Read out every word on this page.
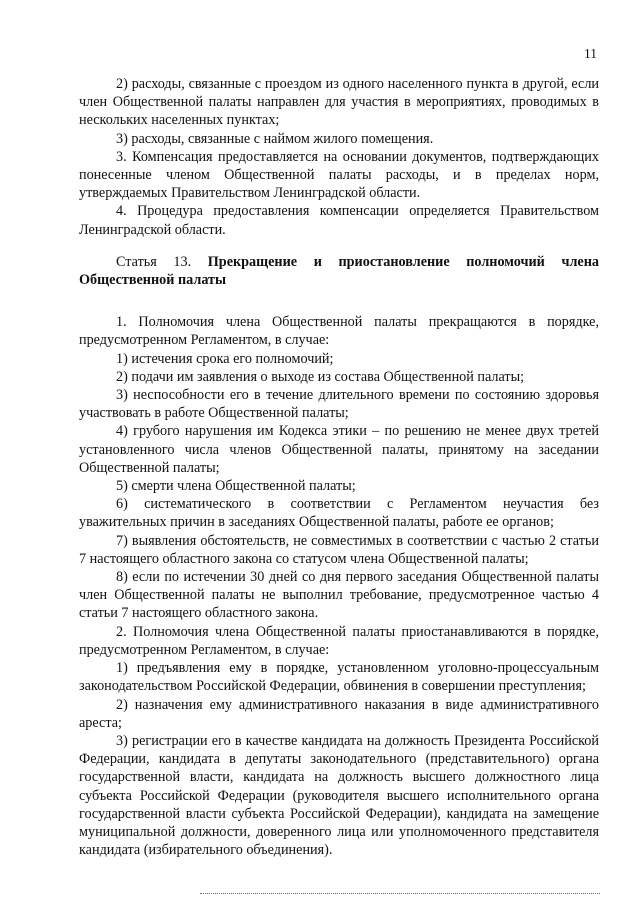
11

2) расходы, связанные с проездом из одного населенного пункта в другой, если член Общественной палаты направлен для участия в мероприятиях, проводимых в нескольких населенных пунктах;

3) расходы, связанные с наймом жилого помещения.

3. Компенсация предоставляется на основании документов, подтверждающих понесенные членом Общественной палаты расходы, и в пределах норм, утверждаемых Правительством Ленинградской области.

4. Процедура предоставления компенсации определяется Правительством Ленинградской области.

Статья 13. Прекращение и приостановление полномочий члена Общественной палаты

1. Полномочия члена Общественной палаты прекращаются в порядке, предусмотренном Регламентом, в случае:

1) истечения срока его полномочий;

2) подачи им заявления о выходе из состава Общественной палаты;

3) неспособности его в течение длительного времени по состоянию здоровья участвовать в работе Общественной палаты;

4) грубого нарушения им Кодекса этики – по решению не менее двух третей установленного числа членов Общественной палаты, принятому на заседании Общественной палаты;

5) смерти члена Общественной палаты;

6) систематического в соответствии с Регламентом неучастия без уважительных причин в заседаниях Общественной палаты, работе ее органов;

7) выявления обстоятельств, не совместимых в соответствии с частью 2 статьи 7 настоящего областного закона со статусом члена Общественной палаты;

8) если по истечении 30 дней со дня первого заседания Общественной палаты член Общественной палаты не выполнил требование, предусмотренное частью 4 статьи 7 настоящего областного закона.

2. Полномочия члена Общественной палаты приостанавливаются в порядке, предусмотренном Регламентом, в случае:

1) предъявления ему в порядке, установленном уголовно-процессуальным законодательством Российской Федерации, обвинения в совершении преступления;

2) назначения ему административного наказания в виде административного ареста;

3) регистрации его в качестве кандидата на должность Президента Российской Федерации, кандидата в депутаты законодательного (представительного) органа государственной власти, кандидата на должность высшего должностного лица субъекта Российской Федерации (руководителя высшего исполнительного органа государственной власти субъекта Российской Федерации), кандидата на замещение муниципальной должности, доверенного лица или уполномоченного представителя кандидата (избирательного объединения).
